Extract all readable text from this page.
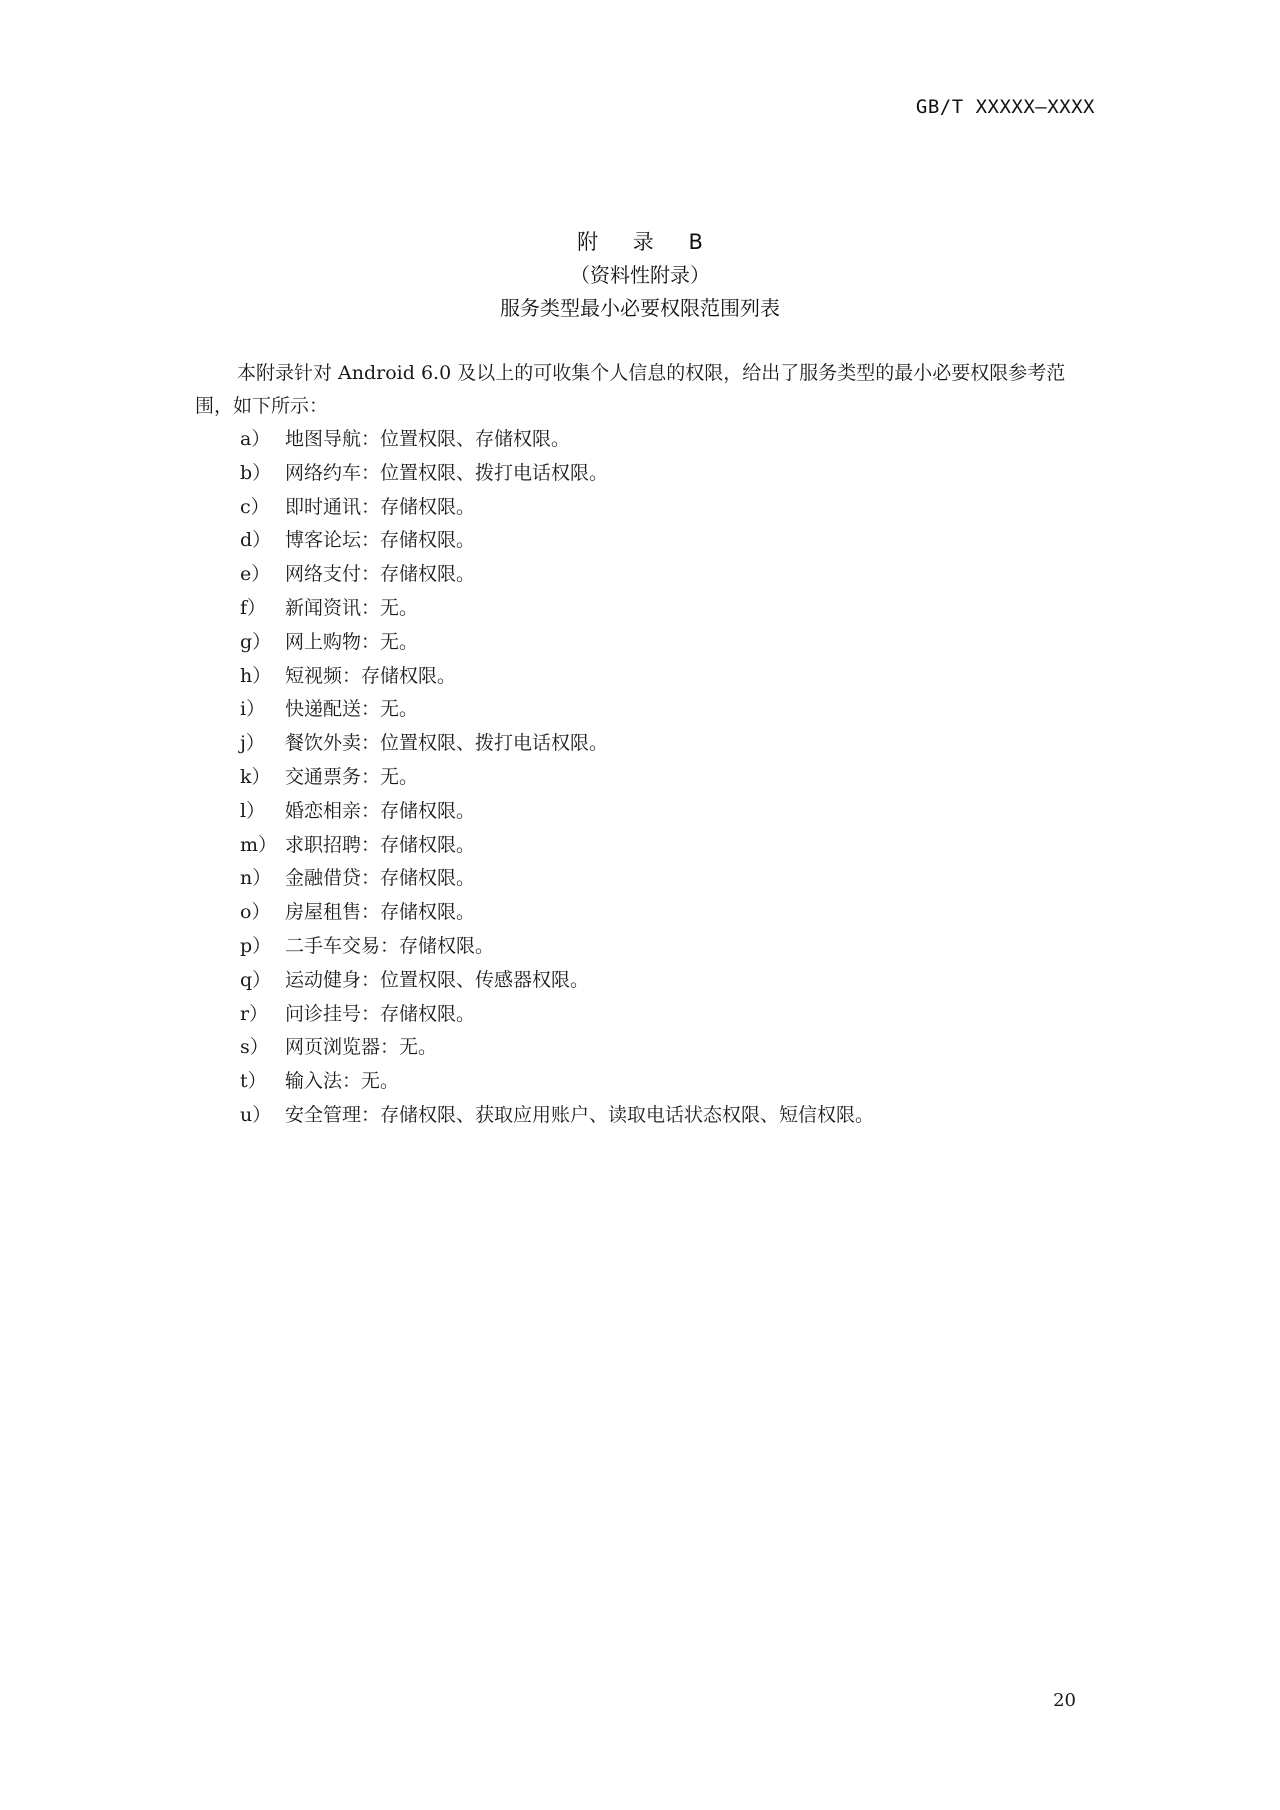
GB/T XXXXX—XXXX
附 录 B
（资料性附录）
服务类型最小必要权限范围列表

本附录针对 Android 6.0 及以上的可收集个人信息的权限，给出了服务类型的最小必要权限参考范围，如下所示：

a） 地图导航：位置权限、存储权限。
b） 网络约车：位置权限、拨打电话权限。
c） 即时通讯：存储权限。
d） 博客论坛：存储权限。
e） 网络支付：存储权限。
f） 新闻资讯：无。
g） 网上购物：无。
h） 短视频：存储权限。
i） 快递配送：无。
j） 餐饮外卖：位置权限、拨打电话权限。
k） 交通票务：无。
l） 婚恋相亲：存储权限。
m） 求职招聘：存储权限。
n） 金融借贷：存储权限。
o） 房屋租售：存储权限。
p） 二手车交易：存储权限。
q） 运动健身：位置权限、传感器权限。
r） 问诊挂号：存储权限。
s） 网页浏览器：无。
t） 输入法：无。
u） 安全管理：存储权限、获取应用账户、读取电话状态权限、短信权限。
20
